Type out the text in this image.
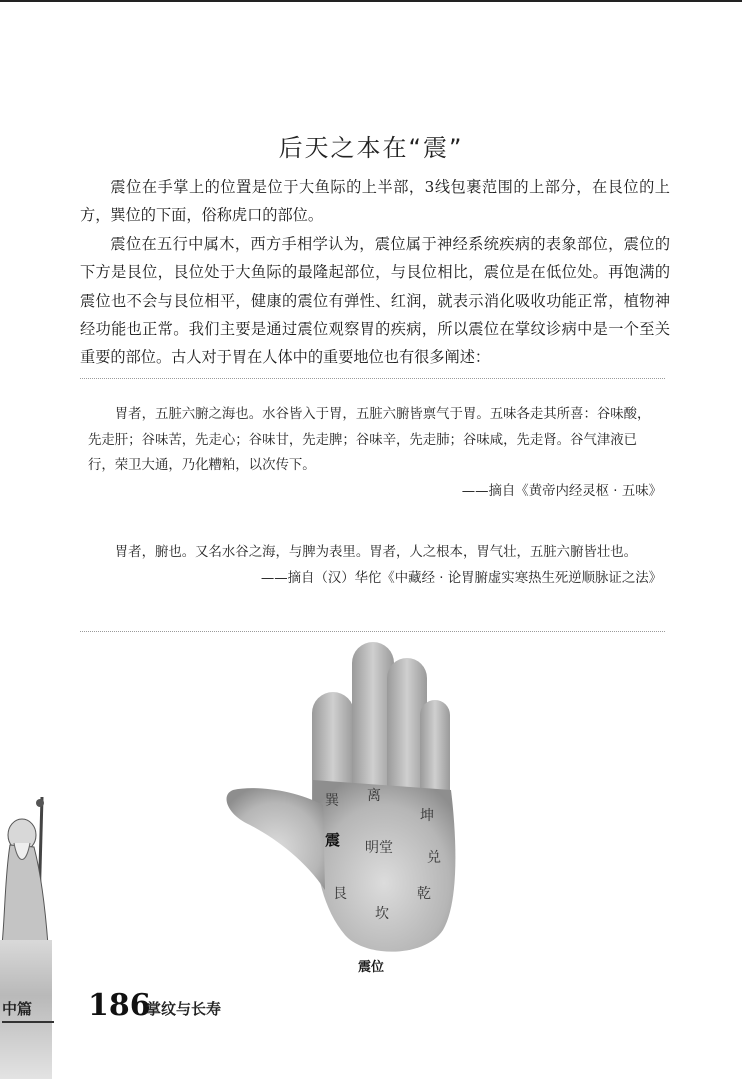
后天之本在“震”

震位在手掌上的位置是位于大鱼际的上半部，3线包裹范围的上部分，在艮位的上方，巽位的下面，俗称虎口的部位。

震位在五行中属木，西方手相学认为，震位属于神经系统疾病的表象部位，震位的下方是艮位，艮位处于大鱼际的最隆起部位，与艮位相比，震位是在低位处。再饱满的震位也不会与艮位相平，健康的震位有弹性、红润，就表示消化吸收功能正常，植物神经功能也正常。我们主要是通过震位观察胃的疾病，所以震位在掌纹诊病中是一个至关重要的部位。古人对于胃在人体中的重要地位也有很多阐述：

胃者，五脏六腑之海也。水谷皆入于胃，五脏六腑皆禀气于胃。五味各走其所喜：谷味酸，先走肝；谷味苦，先走心；谷味甘，先走脾；谷味辛，先走肺；谷味咸，先走肾。谷气津液已行，荣卫大通，乃化糟粕，以次传下。

——摘自《黄帝内经灵枢 · 五味》

胃者，腑也。又名水谷之海，与脾为表里。胃者，人之根本，胃气壮，五脏六腑皆壮也。

——摘自（汉）华佗《中藏经 · 论胃腑虚实寒热生死逆顺脉证之法》
巽 离
坤
震 明堂
兑
艮	乾
坎
震位
中篇	186
掌纹与长寿
